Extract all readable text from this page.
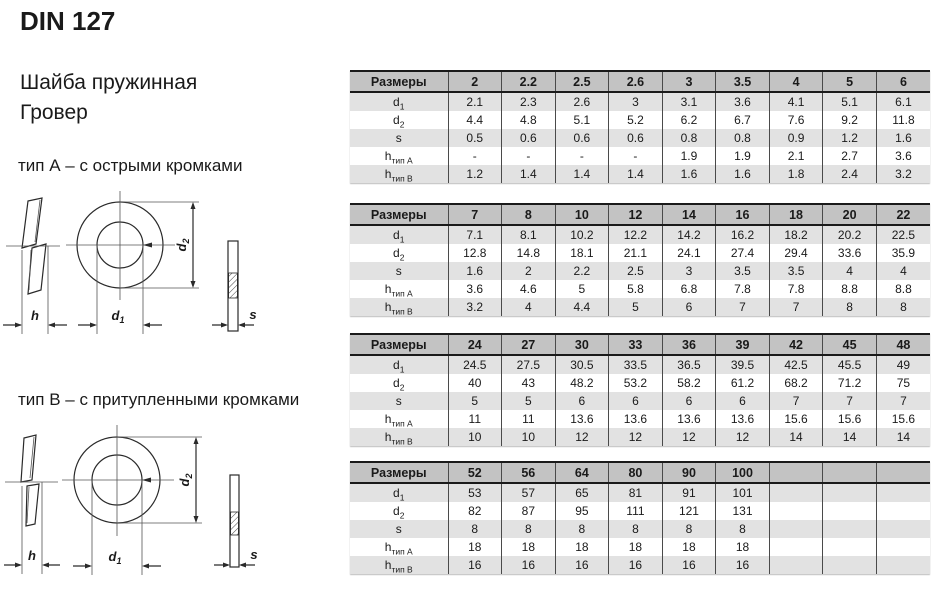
DIN 127
Шайба пружинная
Гровер
тип А – с острыми кромками
h	$d_1$
$d_2$
s
тип В – с притупленными кромками
h	$d_1$
$d_2$
s
Размеры	2	2.2	2.5	2.6	3	3.5	4	5	6
$d_1$	2.1	2.3	2.6	3	3.1	3.6	4.1	5.1	6.1
$d_2$	4.4	4.8	5.1	5.2	6.2	6.7	7.6	9.2	11.8
s	0.5	0.6	0.6	0.6	0.8	0.8	0.9	1.2	1.6
$h_{тип А}$	-	-	-	-	1.9	1.9	2.1	2.7	3.6
$h_{тип В}$	1.2	1.4	1.4	1.4	1.6	1.6	1.8	2.4	3.2
Размеры	7	8	10	12	14	16	18	20	22
$d_1$	7.1	8.1	10.2	12.2	14.2	16.2	18.2	20.2	22.5
$d_2$	12.8	14.8	18.1	21.1	24.1	27.4	29.4	33.6	35.9
s	1.6	2	2.2	2.5	3	3.5	3.5	4	4
$h_{тип А}$	3.6	4.6	5	5.8	6.8	7.8	7.8	8.8	8.8
$h_{тип В}$	3.2	4	4.4	5	6	7	7	8	8
Размеры	24	27	30	33	36	39	42	45	48
$d_1$	24.5	27.5	30.5	33.5	36.5	39.5	42.5	45.5	49
$d_2$	40	43	48.2	53.2	58.2	61.2	68.2	71.2	75
s	5	5	6	6	6	6	7	7	7
$h_{тип А}$	11	11	13.6	13.6	13.6	13.6	15.6	15.6	15.6
$h_{тип В}$	10	10	12	12	12	12	14	14	14
Размеры	52	56	64	80	90	100			
$d_1$	53	57	65	81	91	101			
$d_2$	82	87	95	111	121	131			
s	8	8	8	8	8	8			
$h_{тип А}$	18	18	18	18	18	18			
$h_{тип В}$	16	16	16	16	16	16			
